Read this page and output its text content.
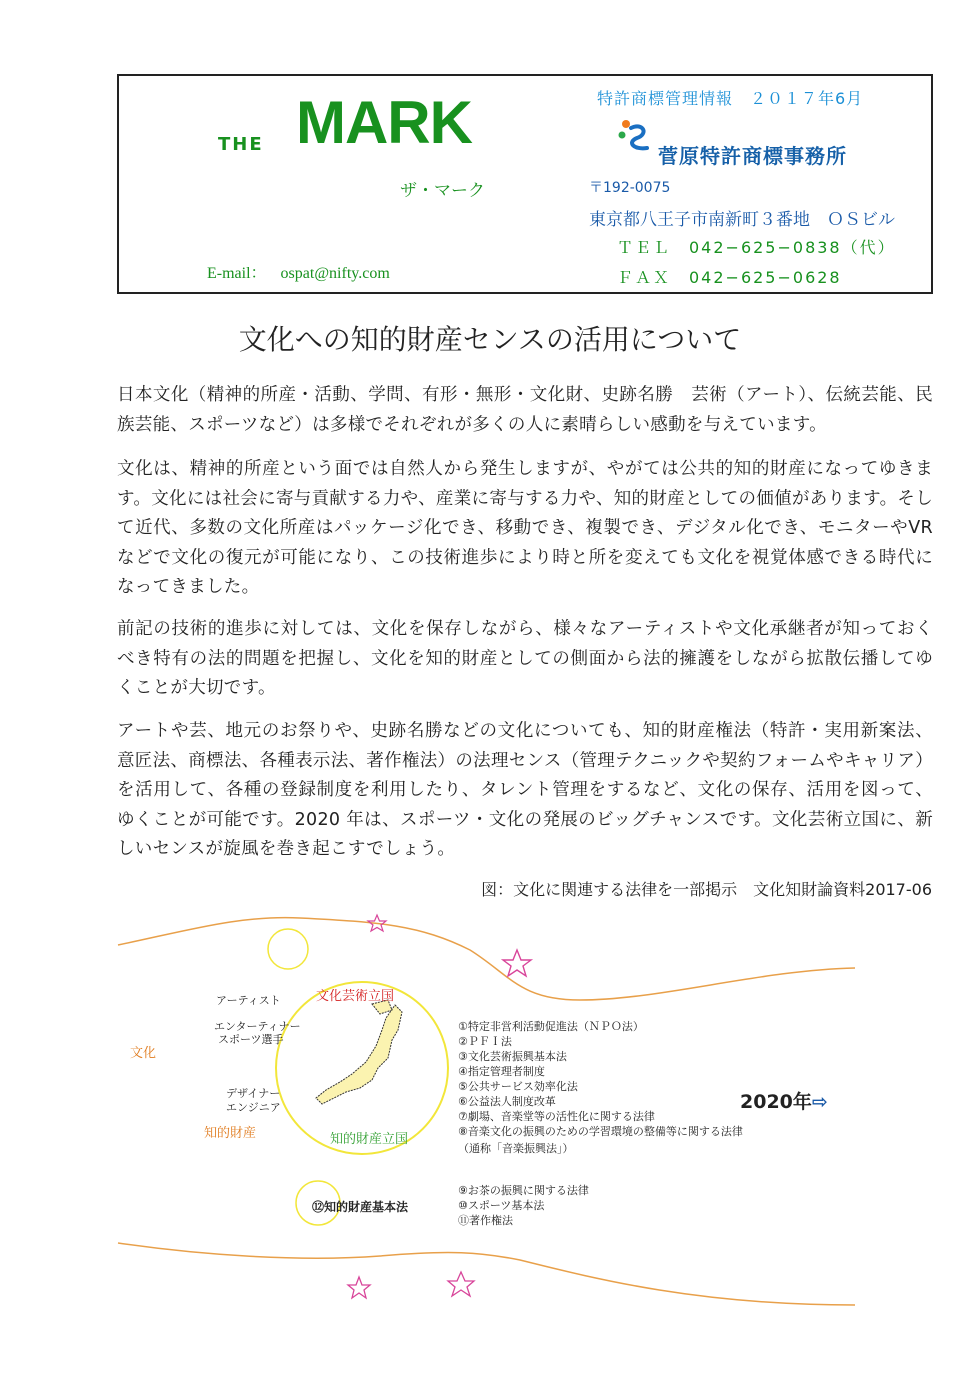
THE MARK
ザ・マーク
E-mail： ospat@nifty.com
特許商標管理情報　２０１７年6月
菅原特許商標事務所
〒192-0075
東京都八王子市南新町３番地　ＯＳビル
ＴＥＬ　042−625−0838（代）
ＦＡＸ　042−625−0628
文化への知的財産センスの活用について
日本文化（精神的所産・活動、学問、有形・無形・文化財、史跡名勝　芸術（アート）、伝統芸能、民族芸能、スポーツなど）は多様でそれぞれが多くの人に素晴らしい感動を与えています。
文化は、精神的所産という面では自然人から発生しますが、やがては公共的知的財産になってゆきます。文化には社会に寄与貢献する力や、産業に寄与する力や、知的財産としての価値があります。そして近代、多数の文化所産はパッケージ化でき、移動でき、複製でき、デジタル化でき、モニターやVRなどで文化の復元が可能になり、この技術進歩により時と所を変えても文化を視覚体感できる時代になってきました。
前記の技術的進歩に対しては、文化を保存しながら、様々なアーティストや文化承継者が知っておくべき特有の法的問題を把握し、文化を知的財産としての側面から法的擁護をしながら拡散伝播してゆくことが大切です。
アートや芸、地元のお祭りや、史跡名勝などの文化についても、知的財産権法（特許・実用新案法、意匠法、商標法、各種表示法、著作権法）の法理センス（管理テクニックや契約フォームやキャリア）を活用して、各種の登録制度を利用したり、タレント管理をするなど、文化の保存、活用を図って、ゆくことが可能です。2020 年は、スポーツ・文化の発展のビッグチャンスです。文化芸術立国に、新しいセンスが旋風を巻き起こすでしょう。
図：文化に関連する法律を一部掲示　文化知財論資料2017-06
アーティスト
エンターティナー
スポーツ選手
文化
デザイナー
エンジニア
知的財産
文化芸術立国
知的財産立国
①特定非営利活動促進法（ＮＰＯ法）
②ＰＦＩ法
③文化芸術振興基本法
④指定管理者制度
⑤公共サービス効率化法
⑥公益法人制度改革
⑦劇場、音楽堂等の活性化に関する法律
⑧音楽文化の振興のための学習環境の整備等に関する法律
（通称「音楽振興法」）
⑨お茶の振興に関する法律
⑩スポーツ基本法
⑪著作権法
⑫知的財産基本法
2020年⇨
